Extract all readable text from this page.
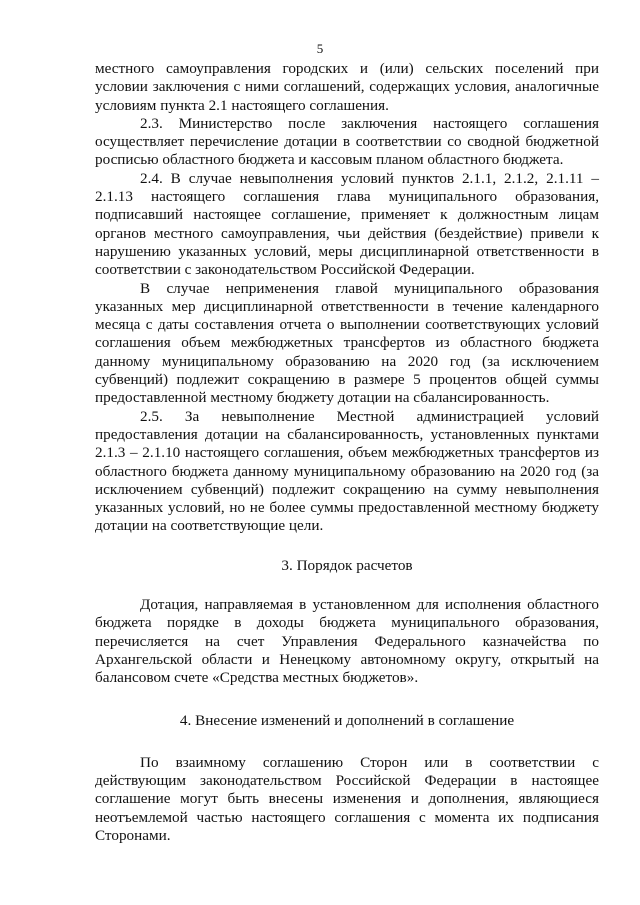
5

местного самоуправления городских и (или) сельских поселений при условии заключения с ними соглашений, содержащих условия, аналогичные условиям пункта 2.1 настоящего соглашения.

2.3. Министерство после заключения настоящего соглашения осуществляет перечисление дотации в соответствии со сводной бюджетной росписью областного бюджета и кассовым планом областного бюджета.

2.4. В случае невыполнения условий пунктов 2.1.1, 2.1.2, 2.1.11 – 2.1.13 настоящего соглашения глава муниципального образования, подписавший настоящее соглашение, применяет к должностным лицам органов местного самоуправления, чьи действия (бездействие) привели к нарушению указанных условий, меры дисциплинарной ответственности в соответствии с законодательством Российской Федерации.

В случае неприменения главой муниципального образования указанных мер дисциплинарной ответственности в течение календарного месяца с даты составления отчета о выполнении соответствующих условий соглашения объем межбюджетных трансфертов из областного бюджета данному муниципальному образованию на 2020 год (за исключением субвенций) подлежит сокращению в размере 5 процентов общей суммы предоставленной местному бюджету дотации на сбалансированность.

2.5. За невыполнение Местной администрацией условий предоставления дотации на сбалансированность, установленных пунктами 2.1.3 – 2.1.10 настоящего соглашения, объем межбюджетных трансфертов из областного бюджета данному муниципальному образованию на 2020 год (за исключением субвенций) подлежит сокращению на сумму невыполнения указанных условий, но не более суммы предоставленной местному бюджету дотации на соответствующие цели.

3. Порядок расчетов

Дотация, направляемая в установленном для исполнения областного бюджета порядке в доходы бюджета муниципального образования, перечисляется на счет Управления Федерального казначейства по Архангельской области и Ненецкому автономному округу, открытый на балансовом счете «Средства местных бюджетов».

4. Внесение изменений и дополнений в соглашение

По взаимному соглашению Сторон или в соответствии с действующим законодательством Российской Федерации в настоящее соглашение могут быть внесены изменения и дополнения, являющиеся неотъемлемой частью настоящего соглашения с момента их подписания Сторонами.
